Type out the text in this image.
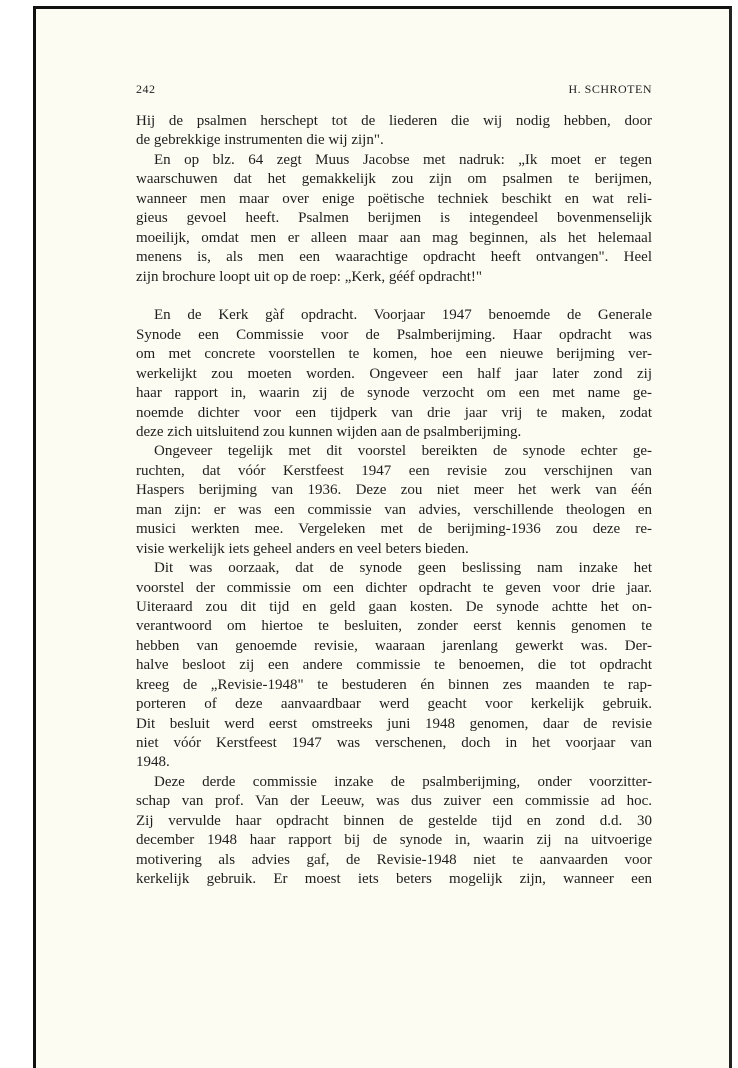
242	H. SCHROTEN
Hij de psalmen herschept tot de liederen die wij nodig hebben, door
de gebrekkige instrumenten die wij zijn".
En op blz. 64 zegt Muus Jacobse met nadruk: „Ik moet er tegen
waarschuwen dat het gemakkelijk zou zijn om psalmen te berijmen,
wanneer men maar over enige poëtische techniek beschikt en wat reli-
gieus gevoel heeft. Psalmen berijmen is integendeel bovenmenselijk
moeilijk, omdat men er alleen maar aan mag beginnen, als het helemaal
menens is, als men een waarachtige opdracht heeft ontvangen". Heel
zijn brochure loopt uit op de roep: „Kerk, gééf opdracht!"
En de Kerk gàf opdracht. Voorjaar 1947 benoemde de Generale
Synode een Commissie voor de Psalmberijming. Haar opdracht was
om met concrete voorstellen te komen, hoe een nieuwe berijming ver-
werkelijkt zou moeten worden. Ongeveer een half jaar later zond zij
haar rapport in, waarin zij de synode verzocht om een met name ge-
noemde dichter voor een tijdperk van drie jaar vrij te maken, zodat
deze zich uitsluitend zou kunnen wijden aan de psalmberijming.
Ongeveer tegelijk met dit voorstel bereikten de synode echter ge-
ruchten, dat vóór Kerstfeest 1947 een revisie zou verschijnen van
Haspers berijming van 1936. Deze zou niet meer het werk van één
man zijn: er was een commissie van advies, verschillende theologen en
musici werkten mee. Vergeleken met de berijming-1936 zou deze re-
visie werkelijk iets geheel anders en veel beters bieden.
Dit was oorzaak, dat de synode geen beslissing nam inzake het
voorstel der commissie om een dichter opdracht te geven voor drie jaar.
Uiteraard zou dit tijd en geld gaan kosten. De synode achtte het on-
verantwoord om hiertoe te besluiten, zonder eerst kennis genomen te
hebben van genoemde revisie, waaraan jarenlang gewerkt was. Der-
halve besloot zij een andere commissie te benoemen, die tot opdracht
kreeg de „Revisie-1948" te bestuderen én binnen zes maanden te rap-
porteren of deze aanvaardbaar werd geacht voor kerkelijk gebruik.
Dit besluit werd eerst omstreeks juni 1948 genomen, daar de revisie
niet vóór Kerstfeest 1947 was verschenen, doch in het voorjaar van
1948.
Deze derde commissie inzake de psalmberijming, onder voorzitter-
schap van prof. Van der Leeuw, was dus zuiver een commissie ad hoc.
Zij vervulde haar opdracht binnen de gestelde tijd en zond d.d. 30
december 1948 haar rapport bij de synode in, waarin zij na uitvoerige
motivering als advies gaf, de Revisie-1948 niet te aanvaarden voor
kerkelijk gebruik. Er moest iets beters mogelijk zijn, wanneer een
